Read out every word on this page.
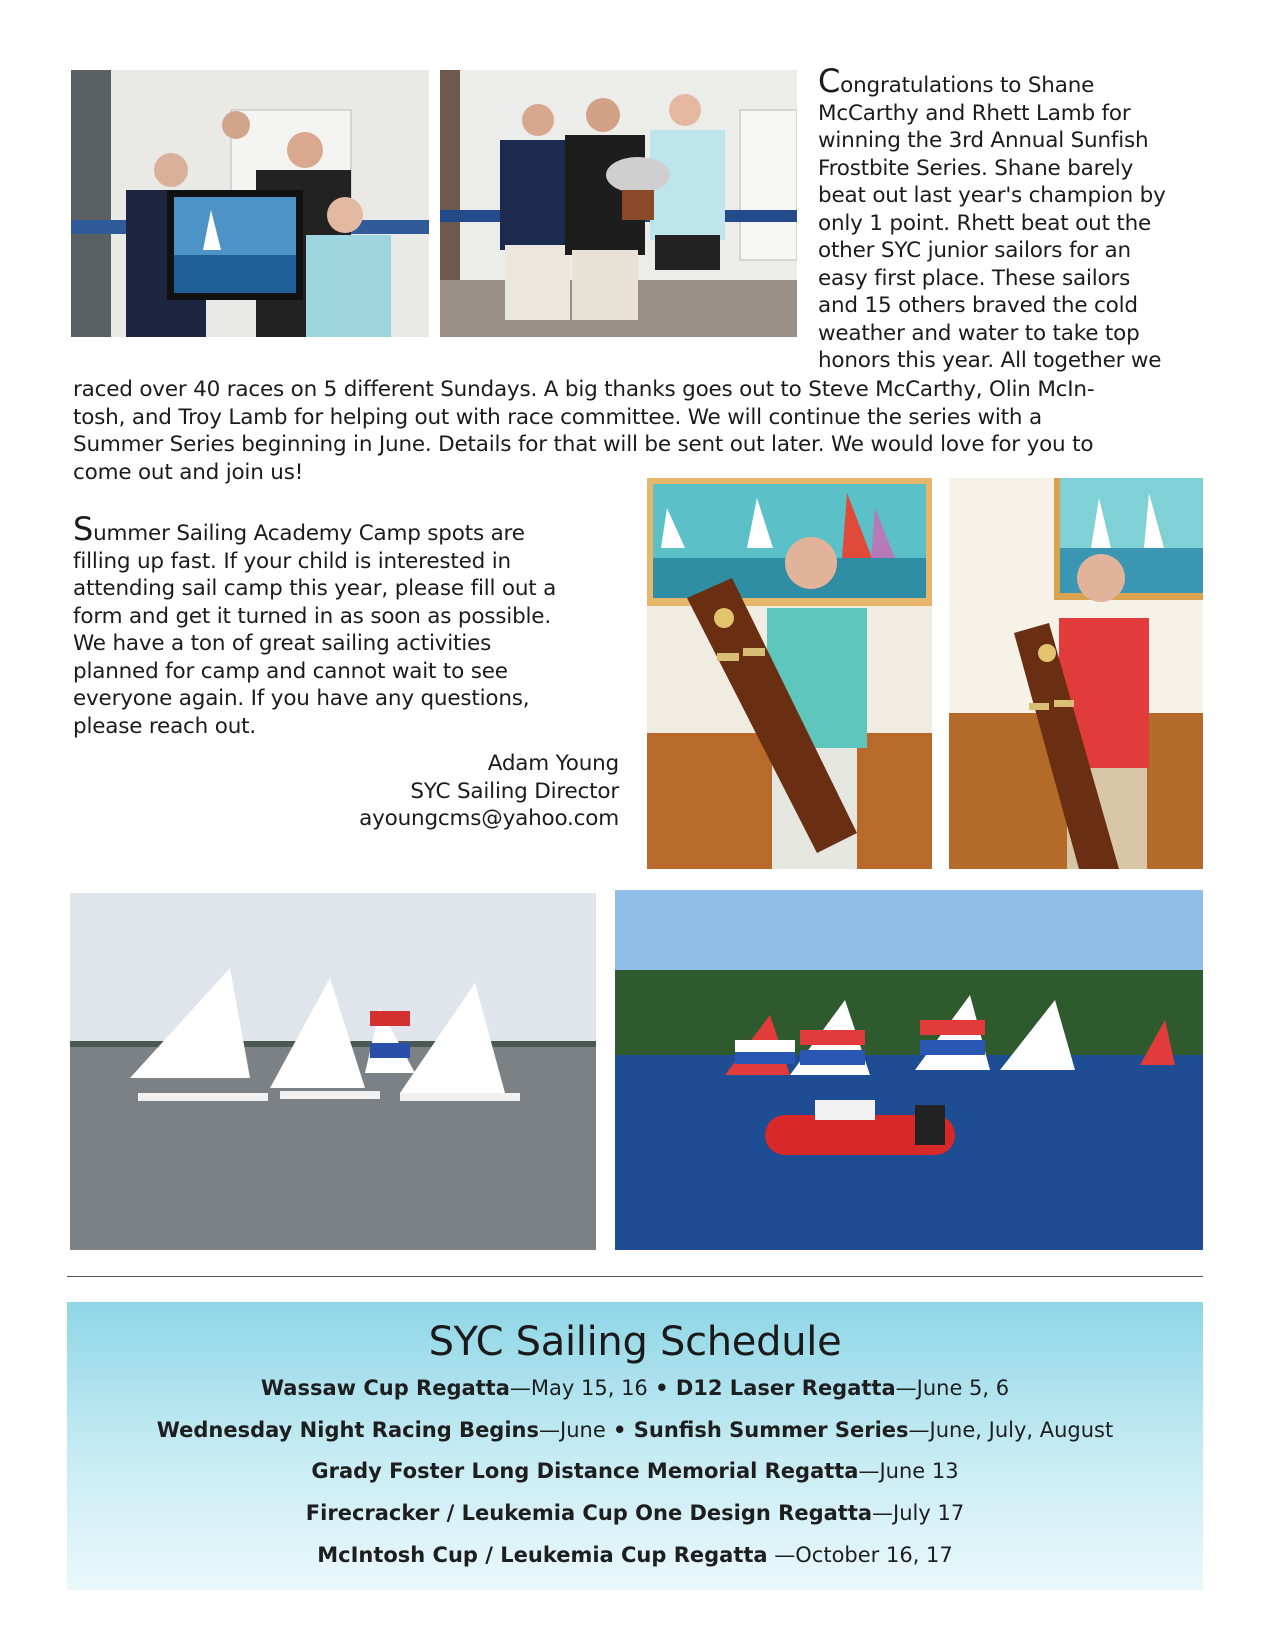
Congratulations to Shane
McCarthy and Rhett Lamb for
winning the 3rd Annual Sunfish
Frostbite Series. Shane barely
beat out last year's champion by
only 1 point. Rhett beat out the
other SYC junior sailors for an
easy first place. These sailors
and 15 others braved the cold
weather and water to take top
honors this year. All together we
raced over 40 races on 5 different Sundays. A big thanks goes out to Steve McCarthy, Olin McIn-
tosh, and Troy Lamb for helping out with race committee. We will continue the series with a
Summer Series beginning in June. Details for that will be sent out later. We would love for you to
come out and join us!
Summer Sailing Academy Camp spots are
filling up fast. If your child is interested in
attending sail camp this year, please fill out a
form and get it turned in as soon as possible.
We have a ton of great sailing activities
planned for camp and cannot wait to see
everyone again. If you have any questions,
please reach out.
Adam Young
SYC Sailing Director
ayoungcms@yahoo.com
SYC Sailing Schedule
Wassaw Cup Regatta—May 15, 16 • D12 Laser Regatta—June 5, 6
Wednesday Night Racing Begins—June • Sunfish Summer Series—June, July, August
Grady Foster Long Distance Memorial Regatta—June 13
Firecracker / Leukemia Cup One Design Regatta—July 17
McIntosh Cup / Leukemia Cup Regatta —October 16, 17
